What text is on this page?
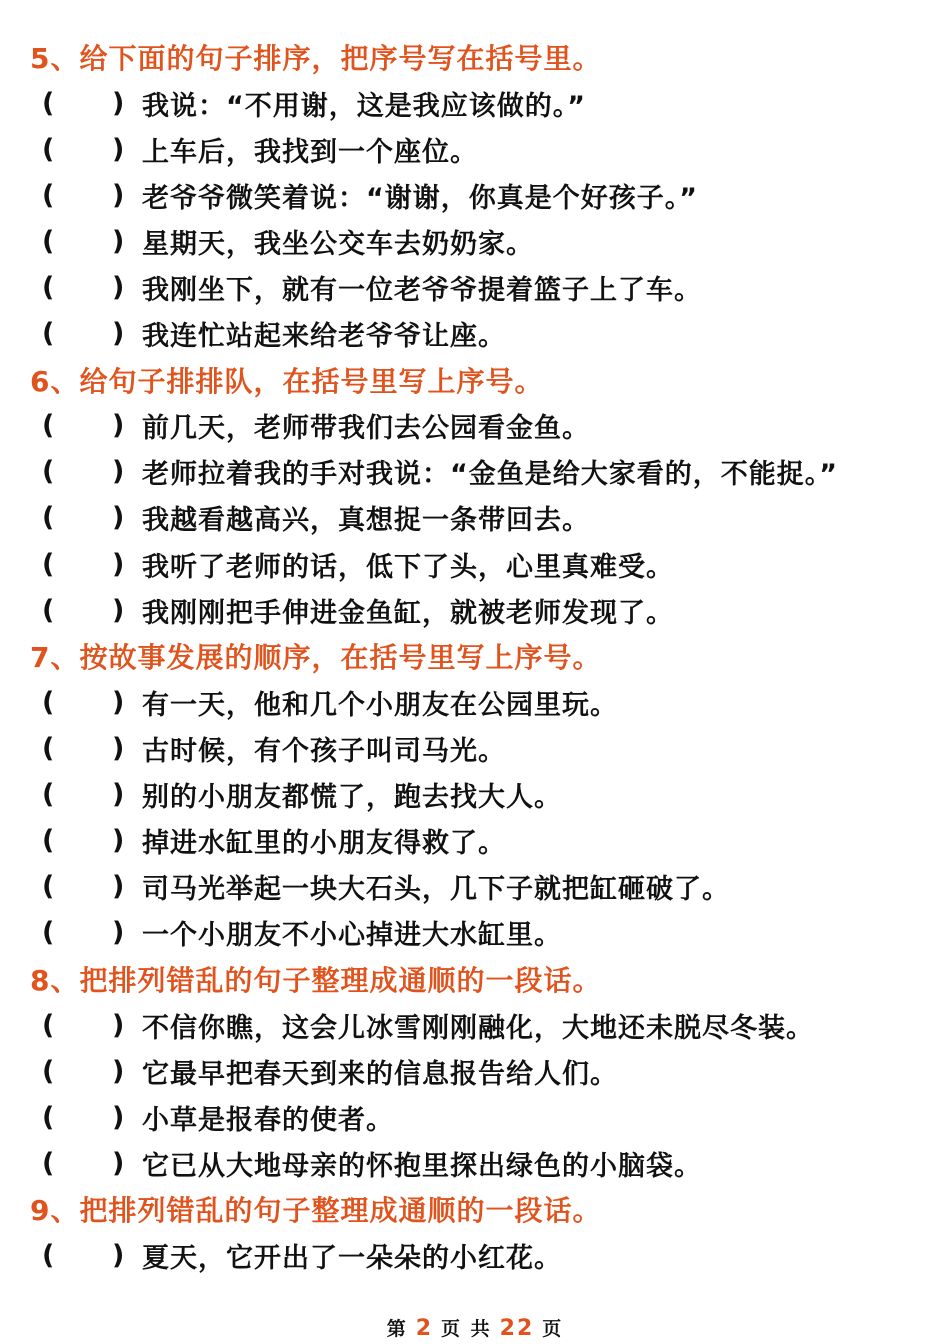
5、给下面的句子排序，把序号写在括号里。
(	) 我说：“不用谢，这是我应该做的。”
(	) 上车后，我找到一个座位。
(	) 老爷爷微笑着说：“谢谢，你真是个好孩子。”
(	) 星期天，我坐公交车去奶奶家。
(	) 我刚坐下，就有一位老爷爷提着篮子上了车。
(	) 我连忙站起来给老爷爷让座。
6、给句子排排队，在括号里写上序号。
(	) 前几天，老师带我们去公园看金鱼。
(	) 老师拉着我的手对我说：“金鱼是给大家看的，不能捉。”
(	) 我越看越高兴，真想捉一条带回去。
(	) 我听了老师的话，低下了头，心里真难受。
(	) 我刚刚把手伸进金鱼缸，就被老师发现了。
7、按故事发展的顺序，在括号里写上序号。
(	) 有一天，他和几个小朋友在公园里玩。
(	) 古时候，有个孩子叫司马光。
(	) 别的小朋友都慌了，跑去找大人。
(	) 掉进水缸里的小朋友得救了。
(	) 司马光举起一块大石头，几下子就把缸砸破了。
(	) 一个小朋友不小心掉进大水缸里。
8、把排列错乱的句子整理成通顺的一段话。
(	) 不信你瞧，这会儿冰雪刚刚融化，大地还未脱尽冬装。
(	) 它最早把春天到来的信息报告给人们。
(	) 小草是报春的使者。
(	) 它已从大地母亲的怀抱里探出绿色的小脑袋。
9、把排列错乱的句子整理成通顺的一段话。
(	) 夏天，它开出了一朵朵的小红花。
第 2 页 共 22 页
